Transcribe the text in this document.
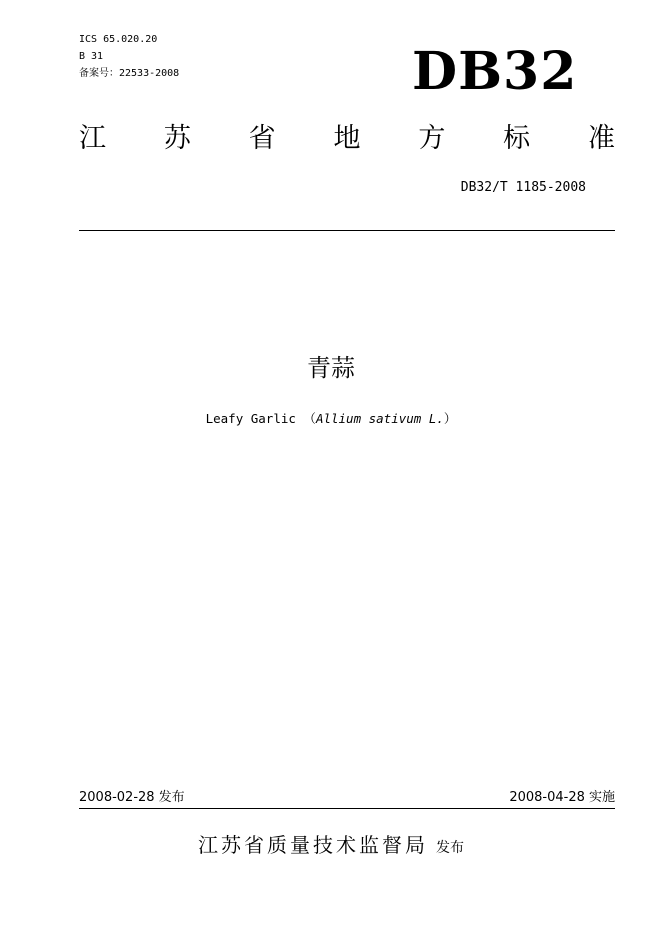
ICS 65.020.20
B 31
备案号：22533-2008	DB32
江 苏 省 地 方 标 准
DB32/T 1185-2008
青蒜
Leafy Garlic （Allium sativum L.）
2008-02-28 发布	2008-04-28 实施
江苏省质量技术监督局 发布
